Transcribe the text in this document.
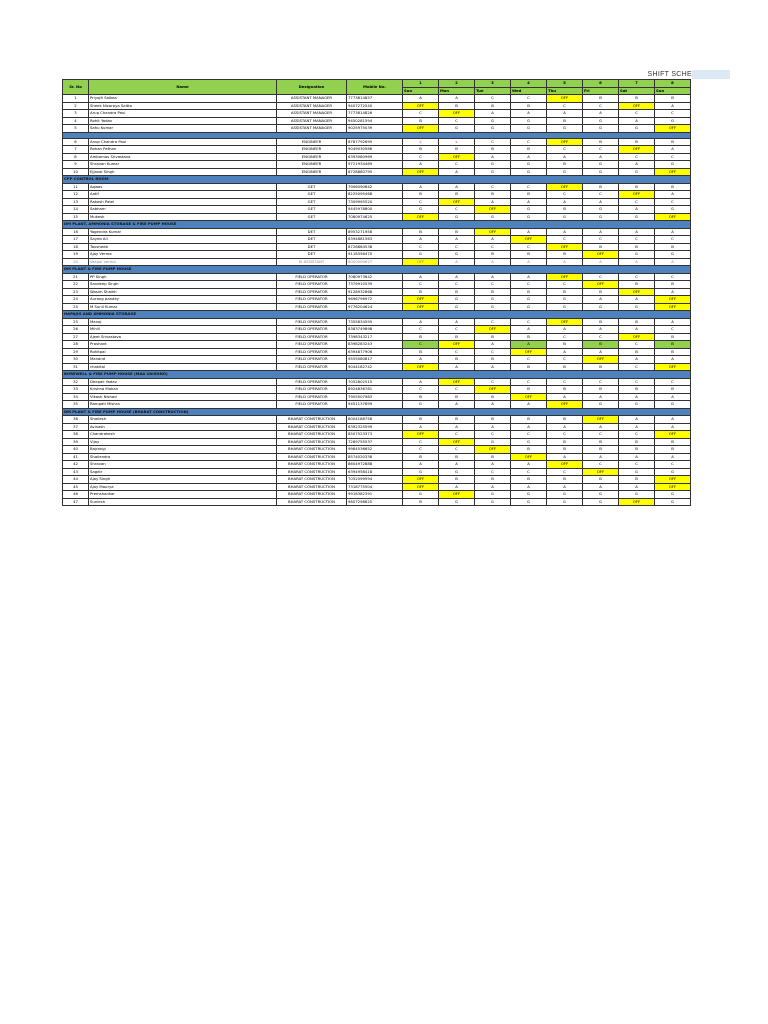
SHIFT SCHE
Sr. No	Name	Designation	Mobile No.	1	2	3	4	5	6	7	8
				Sun	Mon	Tue	Wed	Thu	Fri	Sat	Sun
1	Priyojit Saikea	ASSISTANT MANAGER	7773814857	A	A	C	C	OFF	B	B	B
2	Sheek Nizarpya Saitta	ASSISTANT MANAGER	9407272540	OFF	B	B	B	C	C	OFF	A
3	Arup Chandra Paul	ASSISTANT MANAGER	7773814826	C	OFF	A	A	A	A	C	C
4	Rohit Yadav	ASSISTANT MANAGER	9450281594	B	C	G	G	B	G	A	G
5	Sahu Kumar	ASSISTANT MANAGER	9025975039	OFF	G	G	G	G	G	G	OFF

6	Anup Chandra Paul	ENGINEER	8787792695	L	L	C	C	OFF	B	B	B
7	Rohan Pathan	ENGINEER	9049030586	B	B	B	B	C	C	OFF	A
8	Ambarnas Srivastava	ENGINEER	6393080969	C	OFF	A	A	A	A	C	C
9	Shravan Kumar	ENGINEER	9721934469	A	C	G	G	B	G	A	G
10	Ejjaval Singh	ENGINEER	8728880795	OFF	A	G	G	G	G	G	OFF
CPP CONTROL ROOM											
11	Aqwas	GET	7906090642	A	A	C	C	OFF	B	B	B
12	Aatif	GET	8225095468	B	B	B	B	C	C	OFF	A
13	Rakesh Patel	GET	7309995520	C	OFF	A	A	A	A	C	C
14	Sabham	GET	9445978800	G	C	OFF	G	B	G	A	G
15	Mukesh	GET	7080974625	OFF	G	G	G	G	G	G	OFF
DM PLANT, AMMONIA STORAGE & FIRE PUMP HOUSE											
16	Yogendra Kumar	DET	8953271958	B	B	OFF	A	A	A	A	A
17	Sayeb Ali	DET	6394881563	A	A	A	OFF	C	C	C	C
18	Tausheeb	DET	8726864538	C	C	C	C	OFF	B	B	B
19	Ajay Verma	DET	9118356470	G	G	B	B	B	OFF	G	G
20	Vaspal verma	SI ASSISTANT	8000000627	OFF	A	A	A	A	A	A	A
DM PLANT & FIRE PUMP HOUSE											
21	PP Singh	FIELD OPERATOR	7080973642	A	A	A	A	OFF	C	C	C
22	Sandeep Singh	FIELD OPERATOR	7379910539	C	C	C	C	C	OFF	B	B
23	Wasim Shaikh	FIELD OPERATOR	9128932868	B	B	B	B	B	B	OFF	A
24	Aurang pandey	FIELD OPERATOR	9696796972	OFF	G	G	G	G	A	A	OFF
25	M Sunil Kumar	FIELD OPERATOR	9776204624	OFF	G	G	G	G	G	G	OFF
HAPAJIG AND AMMONIA STORAGE											
25	Manoj	FIELD OPERATOR	7355834595	A	A	C	C	OFF	B	B	A
26	Mihill	FIELD OPERATOR	8383749898	C	C	OFF	A	A	A	A	C
27	Ajeet Srivastava	FIELD OPERATOR	7398343217	B	B	B	B	C	C	OFF	B
28	Prashant	FIELD OPERATOR	8398283243	C	OFF	A	A	B	B	C	B
29	Rohitpal	FIELD OPERATOR	6394877906	B	C	C	OFF	A	A	B	B
30	Manand	FIELD OPERATOR	9555080817	A	B	B	C	C	OFF	A	A
31	chakital	FIELD OPERATOR	9044182742	OFF	A	A	B	B	B	C	OFF
BOREWELL & FIRE PUMP HOUSE (MAA VAISHNO)											
32	Deepak Yadav	FIELD OPERATOR	7052802515	A	OFF	C	C	C	C	C	C
33	Krishna Mohan	FIELD OPERATOR	8924836781	C	C	OFF	B	B	B	B	B
34	Vikash Nishad	FIELD OPERATOR	7905507983	B	B	B	OFF	A	A	A	A
35	Rampati Mishra	FIELD OPERATOR	9451137899	G	A	A	A	OFF	G	G	G
DM PLANT & FIRE PUMP HOUSE (BHARAT CONSTRUCTION)											
36	Shailesh	BHARAT CONSTRUCTION	8004188758	B	B	B	B	B	OFF	A	A
37	Avinash	BHARAT CONSTRUCTION	6392325599	A	A	A	A	A	A	A	A
38	Chandrakesh	BHARAT CONSTRUCTION	8507523373	OFF	C	C	C	C	C	C	OFF
39	Vijay	BHARAT CONSTRUCTION	7269755537	C	OFF	G	G	B	B	B	B
40	Bajrangi	BHARAT CONSTRUCTION	9984536652	C	C	OFF	B	B	B	B	B
41	Shailendra	BHARAT CONSTRUCTION	8574020338	B	B	B	OFF	A	A	A	A
42	Shravan	BHARAT CONSTRUCTION	8604972888	A	A	A	A	OFF	C	C	C
43	Sagdir	BHARAT CONSTRUCTION	6394958418	G	G	C	C	C	OFF	G	G
44	Ajay Singh	BHARAT CONSTRUCTION	7052099594	OFF	B	B	B	B	B	B	OFF
45	Ajay Maurya	BHARAT CONSTRUCTION	7318775504	OFF	A	A	A	A	A	A	OFF
46	Premshankar	BHARAT CONSTRUCTION	9918382391	G	OFF	G	G	G	G	G	G
47	Sunlesh	BHARAT CONSTRUCTION	9807298625	B	G	G	G	G	G	OFF	G
